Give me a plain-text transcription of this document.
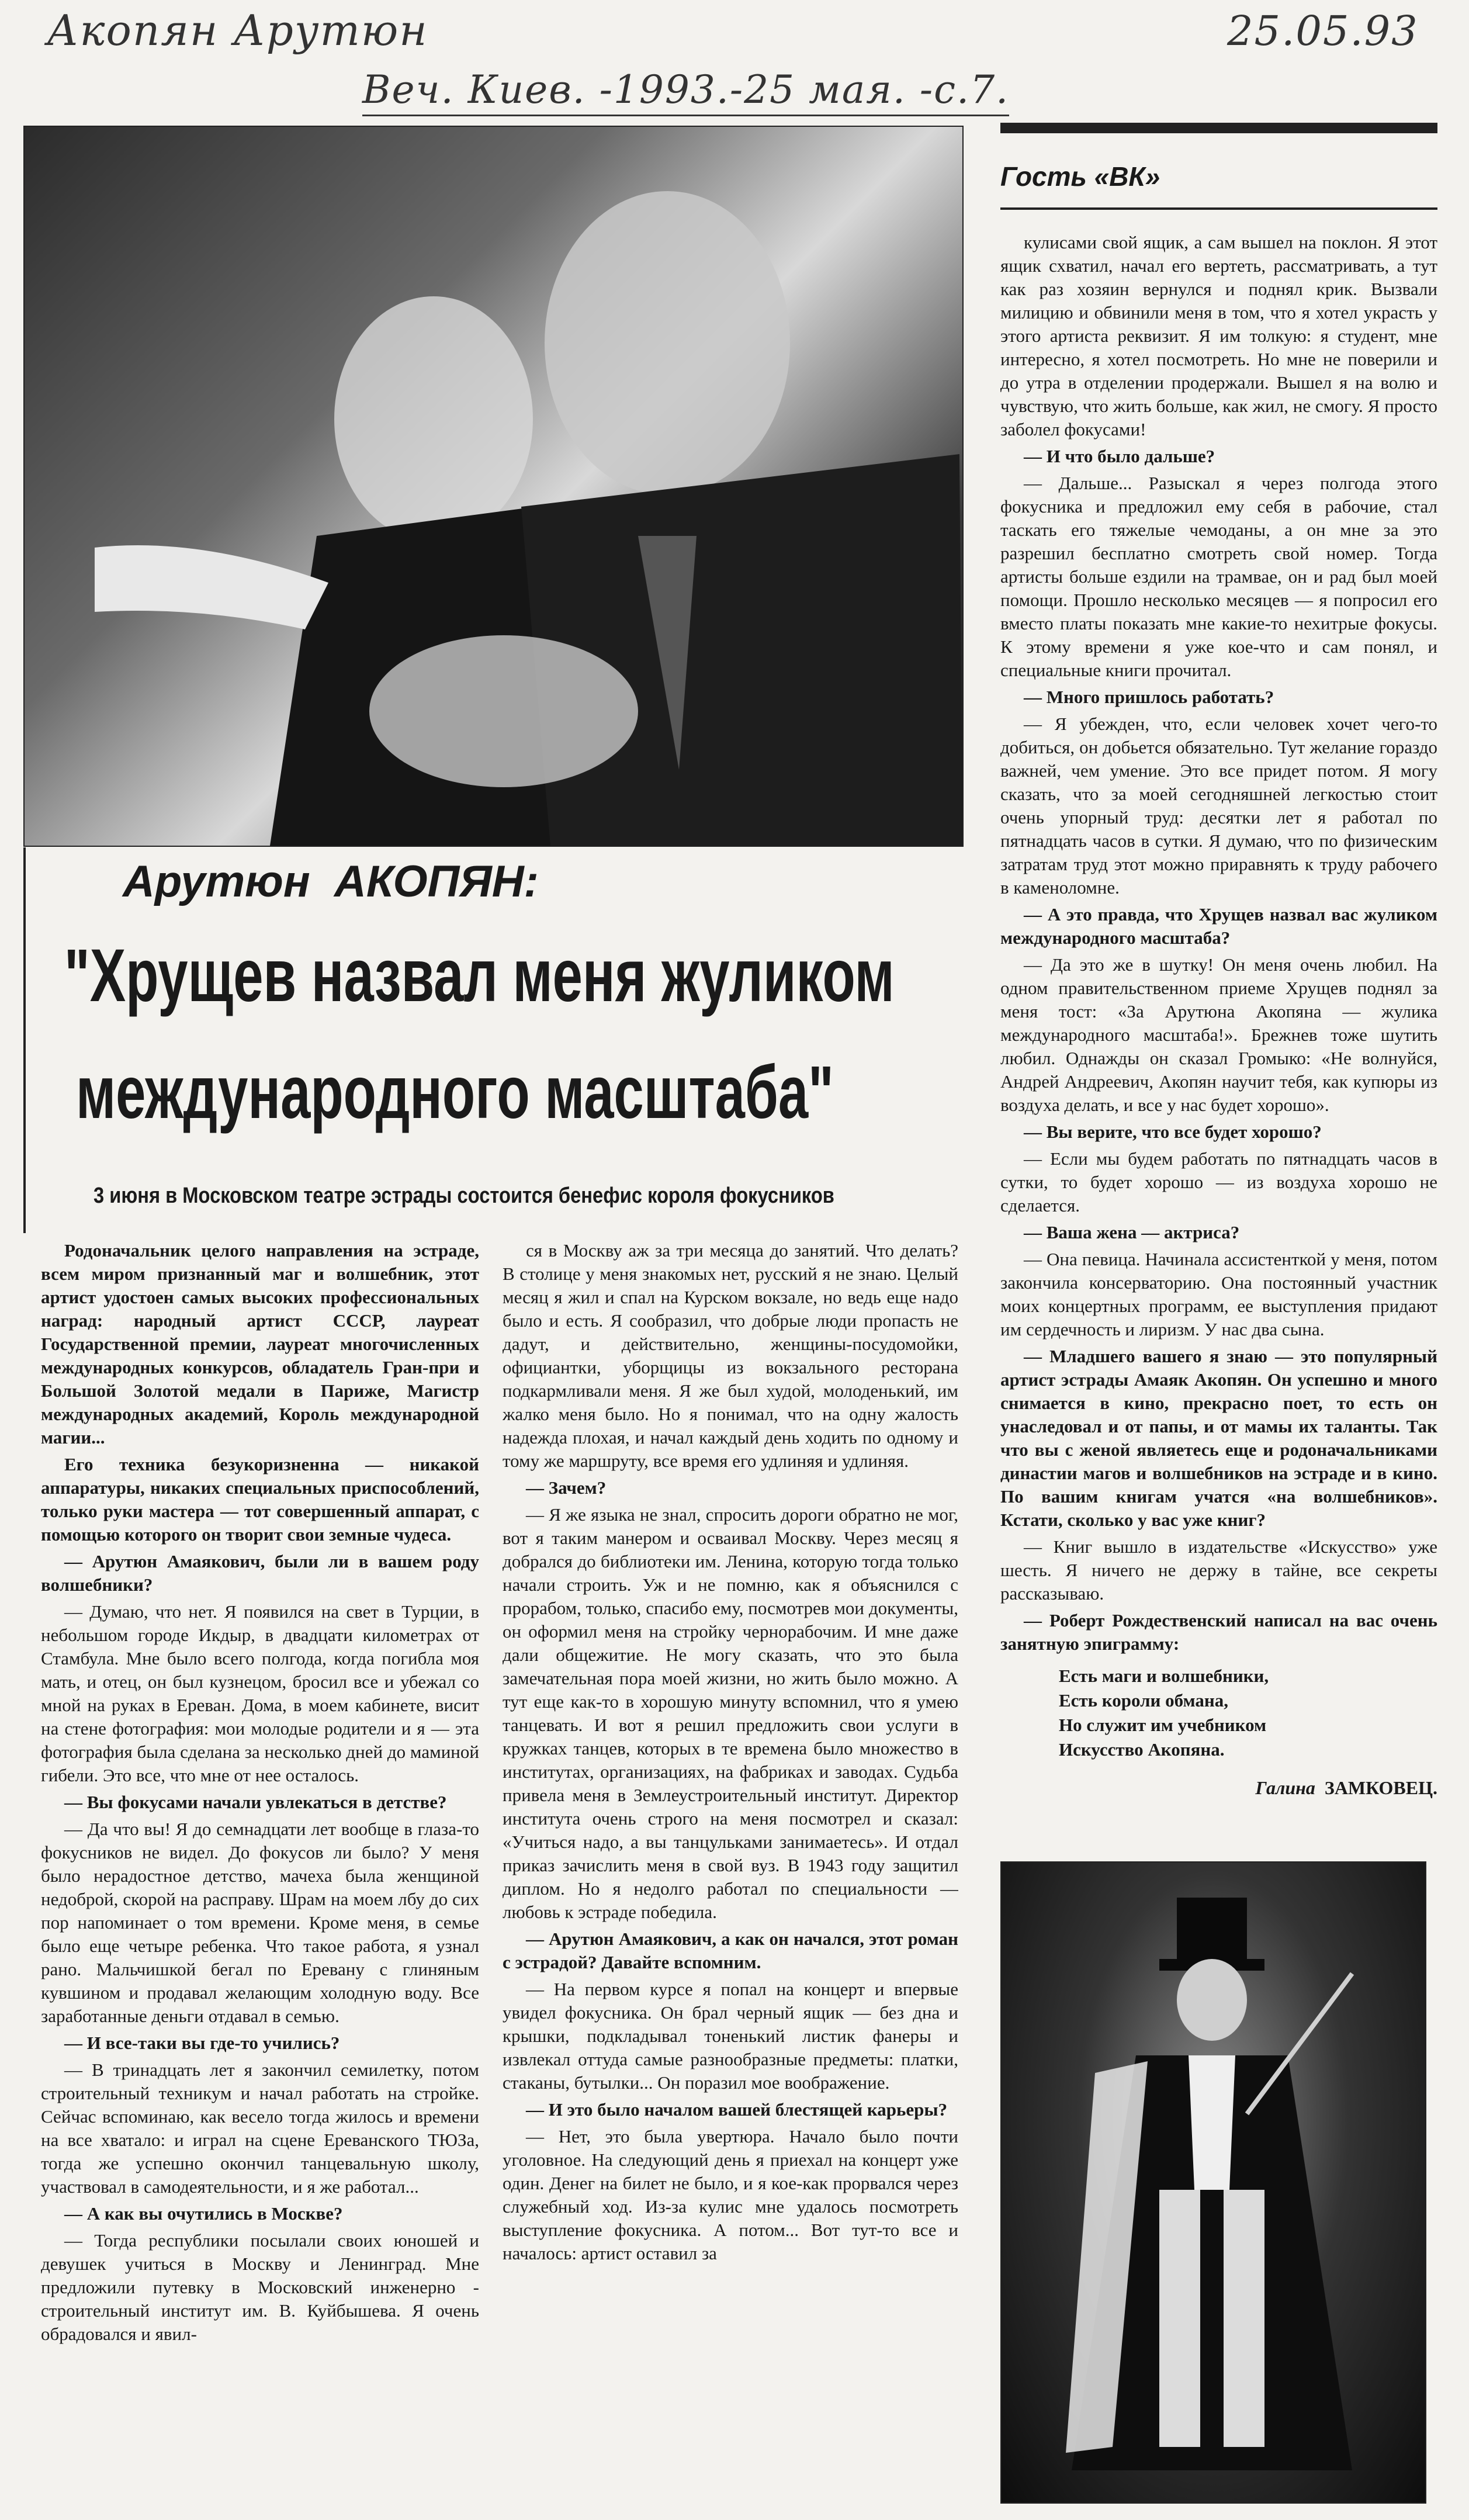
Акопян Арутюн	25.05.93
Веч. Киев. -1993.-25 мая. -с.7.
Гость «ВК»
Арутюн АКОПЯН:
"Хрущев назвал меня жуликом
международного масштаба"
3 июня в Московском театре эстрады состоится бенефис короля фокусников

Родоначальник целого направления на эстраде, всем миром признанный маг и волшебник, этот артист удостоен самых высоких профессиональных наград: народный артист СССР, лауреат Государственной премии, лауреат многочисленных международных конкурсов, обладатель Гран-при и Большой Золотой медали в Париже, Магистр международных академий, Король международной магии...

Его техника безукоризненна — никакой аппаратуры, никаких специальных приспособлений, только руки мастера — тот совершенный аппарат, с помощью которого он творит свои земные чудеса.

— Арутюн Амаякович, были ли в вашем роду волшебники?

— Думаю, что нет. Я появился на свет в Турции, в небольшом городе Икдыр, в двадцати километрах от Стамбула. Мне было всего полгода, когда погибла моя мать, и отец, он был кузнецом, бросил все и убежал со мной на руках в Ереван. Дома, в моем кабинете, висит на стене фотография: мои молодые родители и я — эта фотография была сделана за несколько дней до маминой гибели. Это все, что мне от нее осталось.

— Вы фокусами начали увлекаться в детстве?

— Да что вы! Я до семнадцати лет вообще в глаза-то фокусников не видел. До фокусов ли было? У меня было нерадостное детство, мачеха была женщиной недоброй, скорой на расправу. Шрам на моем лбу до сих пор напоминает о том времени. Кроме меня, в семье было еще четыре ребенка. Что такое работа, я узнал рано. Мальчишкой бегал по Еревану с глиняным кувшином и продавал желающим холодную воду. Все заработанные деньги отдавал в семью.

— И все-таки вы где-то учились?

— В тринадцать лет я закончил семилетку, потом строительный техникум и начал работать на стройке. Сейчас вспоминаю, как весело тогда жилось и времени на все хватало: и играл на сцене Ереванского ТЮЗа, тогда же успешно окончил танцевальную школу, участвовал в самодеятельности, и я же работал...

— А как вы очутились в Москве?

— Тогда республики посылали своих юношей и девушек учиться в Москву и Ленинград. Мне предложили путевку в Московский инженерно - строительный институт им. В. Куйбышева. Я очень обрадовался и явил-

ся в Москву аж за три месяца до занятий. Что делать? В столице у меня знакомых нет, русский я не знаю. Целый месяц я жил и спал на Курском вокзале, но ведь еще надо было и есть. Я сообразил, что добрые люди пропасть не дадут, и действительно, женщины-посудомойки, официантки, уборщицы из вокзального ресторана подкармливали меня. Я же был худой, молоденький, им жалко меня было. Но я понимал, что на одну жалость надежда плохая, и начал каждый день ходить по одному и тому же маршруту, все время его удлиняя и удлиняя.

— Зачем?

— Я же языка не знал, спросить дороги обратно не мог, вот я таким манером и осваивал Москву. Через месяц я добрался до библиотеки им. Ленина, которую тогда только начали строить. Уж и не помню, как я объяснился с прорабом, только, спасибо ему, посмотрев мои документы, он оформил меня на стройку чернорабочим. И мне даже дали общежитие. Не могу сказать, что это была замечательная пора моей жизни, но жить было можно. А тут еще как-то в хорошую минуту вспомнил, что я умею танцевать. И вот я решил предложить свои услуги в кружках танцев, которых в те времена было множество в институтах, организациях, на фабриках и заводах. Судьба привела меня в Землеустроительный институт. Директор института очень строго на меня посмотрел и сказал: «Учиться надо, а вы танцульками занимаетесь». И отдал приказ зачислить меня в свой вуз. В 1943 году защитил диплом. Но я недолго работал по специальности — любовь к эстраде победила.

— Арутюн Амаякович, а как он начался, этот роман с эстрадой? Давайте вспомним.

— На первом курсе я попал на концерт и впервые увидел фокусника. Он брал черный ящик — без дна и крышки, подкладывал тоненький листик фанеры и извлекал оттуда самые разнообразные предметы: платки, стаканы, бутылки... Он поразил мое воображение.

— И это было началом вашей блестящей карьеры?

— Нет, это была увертюра. Начало было почти уголовное. На следующий день я приехал на концерт уже один. Денег на билет не было, и я кое-как прорвался через служебный ход. Из-за кулис мне удалось посмотреть выступление фокусника. А потом... Вот тут-то все и началось: артист оставил за

кулисами свой ящик, а сам вышел на поклон. Я этот ящик схватил, начал его вертеть, рассматривать, а тут как раз хозяин вернулся и поднял крик. Вызвали милицию и обвинили меня в том, что я хотел украсть у этого артиста реквизит. Я им толкую: я студент, мне интересно, я хотел посмотреть. Но мне не поверили и до утра в отделении продержали. Вышел я на волю и чувствую, что жить больше, как жил, не смогу. Я просто заболел фокусами!

— И что было дальше?

— Дальше... Разыскал я через полгода этого фокусника и предложил ему себя в рабочие, стал таскать его тяжелые чемоданы, а он мне за это разрешил бесплатно смотреть свой номер. Тогда артисты больше ездили на трамвае, он и рад был моей помощи. Прошло несколько месяцев — я попросил его вместо платы показать мне какие-то нехитрые фокусы. К этому времени я уже кое-что и сам понял, и специальные книги прочитал.

— Много пришлось работать?

— Я убежден, что, если человек хочет чего-то добиться, он добьется обязательно. Тут желание гораздо важней, чем умение. Это все придет потом. Я могу сказать, что за моей сегодняшней легкостью стоит очень упорный труд: десятки лет я работал по пятнадцать часов в сутки. Я думаю, что по физическим затратам труд этот можно приравнять к труду рабочего в каменоломне.

— А это правда, что Хрущев назвал вас жуликом международного масштаба?

— Да это же в шутку! Он меня очень любил. На одном правительственном приеме Хрущев поднял за меня тост: «За Арутюна Акопяна — жулика международного масштаба!». Брежнев тоже шутить любил. Однажды он сказал Громыко: «Не волнуйся, Андрей Андреевич, Акопян научит тебя, как купюры из воздуха делать, и все у нас будет хорошо».

— Вы верите, что все будет хорошо?

— Если мы будем работать по пятнадцать часов в сутки, то будет хорошо — из воздуха хорошо не сделается.

— Ваша жена — актриса?

— Она певица. Начинала ассистенткой у меня, потом закончила консерваторию. Она постоянный участник моих концертных программ, ее выступления придают им сердечность и лиризм. У нас два сына.

— Младшего вашего я знаю — это популярный артист эстрады Амаяк Акопян. Он успешно и много снимается в кино, прекрасно поет, то есть он унаследовал и от папы, и от мамы их таланты. Так что вы с женой являетесь еще и родоначальниками династии магов и волшебников на эстраде и в кино. По вашим книгам учатся «на волшебников». Кстати, сколько у вас уже книг?

— Книг вышло в издательстве «Искусство» уже шесть. Я ничего не держу в тайне, все секреты рассказываю.

— Роберт Рождественский написал на вас очень занятную эпиграмму:

Есть маги и волшебники,
Есть короли обмана,
Но служит им учебником
Искусство Акопяна.
Галина ЗАМКОВЕЦ.
